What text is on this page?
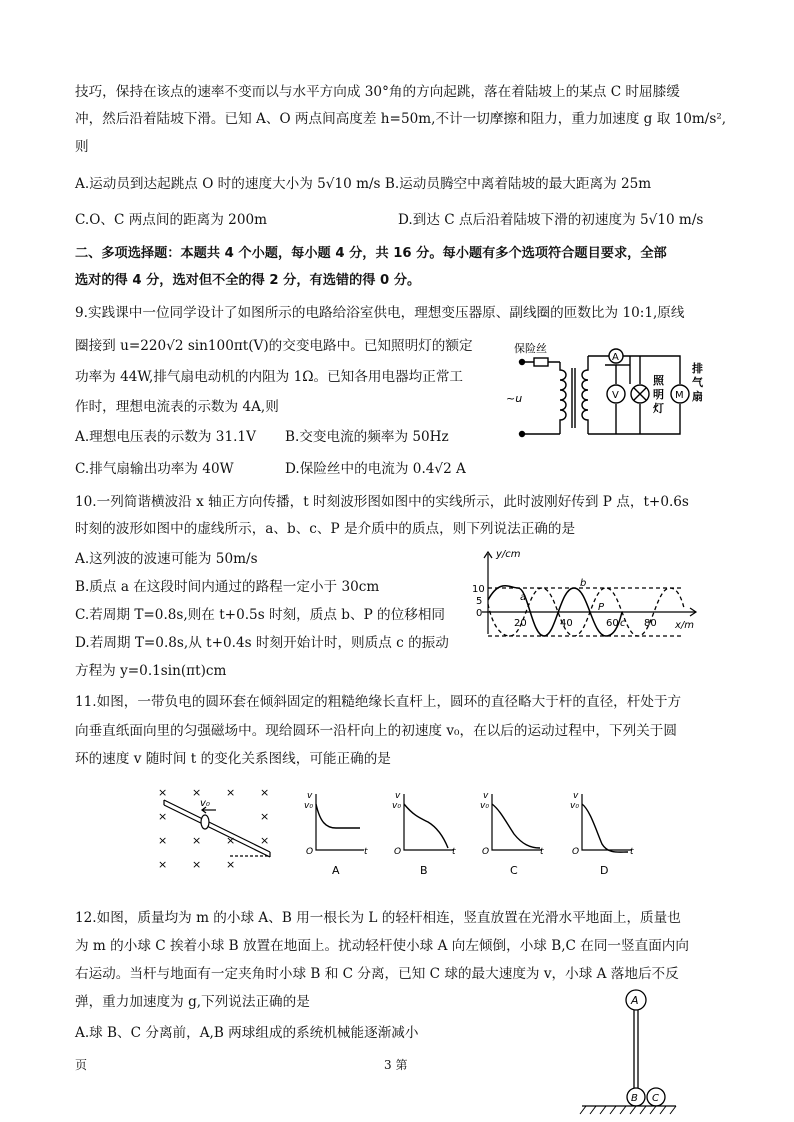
技巧，保持在该点的速率不变而以与水平方向成 30°角的方向起跳，落在着陆坡上的某点 C 时屈膝缓
冲，然后沿着陆坡下滑。已知 A、O 两点间高度差 h=50m,不计一切摩擦和阻力，重力加速度 g 取 10m/s²,
则
A.运动员到达起跳点 O 时的速度大小为 5√10 m/s B.运动员腾空中离着陆坡的最大距离为 25m
C.O、C 两点间的距离为 200m	D.到达 C 点后沿着陆坡下滑的初速度为 5√10 m/s
二、多项选择题：本题共 4 个小题，每小题 4 分，共 16 分。每小题有多个选项符合题目要求，全部
选对的得 4 分，选对但不全的得 2 分，有选错的得 0 分。
9.实践课中一位同学设计了如图所示的电路给浴室供电，理想变压器原、副线圈的匝数比为 10:1,原线
圈接到 u=220√2 sin100πt(V)的交变电路中。已知照明灯的额定
功率为 44W,排气扇电动机的内阻为 1Ω。已知各用电器均正常工
作时，理想电流表的示数为 4A,则
A.理想电压表的示数为 31.1V B.交变电流的频率为 50Hz
C.排气扇输出功率为 40W	D.保险丝中的电流为 0.4√2 A
10.一列简谐横波沿 x 轴正方向传播，t 时刻波形图如图中的实线所示，此时波刚好传到 P 点，t+0.6s
时刻的波形如图中的虚线所示，a、b、c、P 是介质中的质点，则下列说法正确的是
A.这列波的波速可能为 50m/s
B.质点 a 在这段时间内通过的路程一定小于 30cm
C.若周期 T=0.8s,则在 t+0.5s 时刻，质点 b、P 的位移相同
D.若周期 T=0.8s,从 t+0.4s 时刻开始计时，则质点 c 的振动
方程为 y=0.1sin(πt)cm
11.如图，一带负电的圆环套在倾斜固定的粗糙绝缘长直杆上，圆环的直径略大于杆的直径，杆处于方
向垂直纸面向里的匀强磁场中。现给圆环一沿杆向上的初速度 v₀，在以后的运动过程中，下列关于圆
环的速度 v 随时间 t 的变化关系图线，可能正确的是
12.如图，质量均为 m 的小球 A、B 用一根长为 L 的轻杆相连，竖直放置在光滑水平地面上，质量也
为 m 的小球 C 挨着小球 B 放置在地面上。扰动轻杆使小球 A 向左倾倒，小球 B,C 在同一竖直面内向
右运动。当杆与地面有一定夹角时小球 B 和 C 分离，已知 C 球的最大速度为 v，小球 A 落地后不反
弹，重力加速度为 g,下列说法正确的是
A.球 B、C 分离前，A,B 两球组成的系统机械能逐渐减小
页	3 第
保险丝
~u
A
V	M
照
明
灯
排
气
扇
y/cm
x/m
10
5
0
20	40	60	80
a
b
c
P
× × × ×
×	×
× × × ×
× × ×
v₀
v
v₀
O	t
v
v₀
O	t
v
v₀
O	t
v
v₀
O	t
A	B	C	D
A
B C
